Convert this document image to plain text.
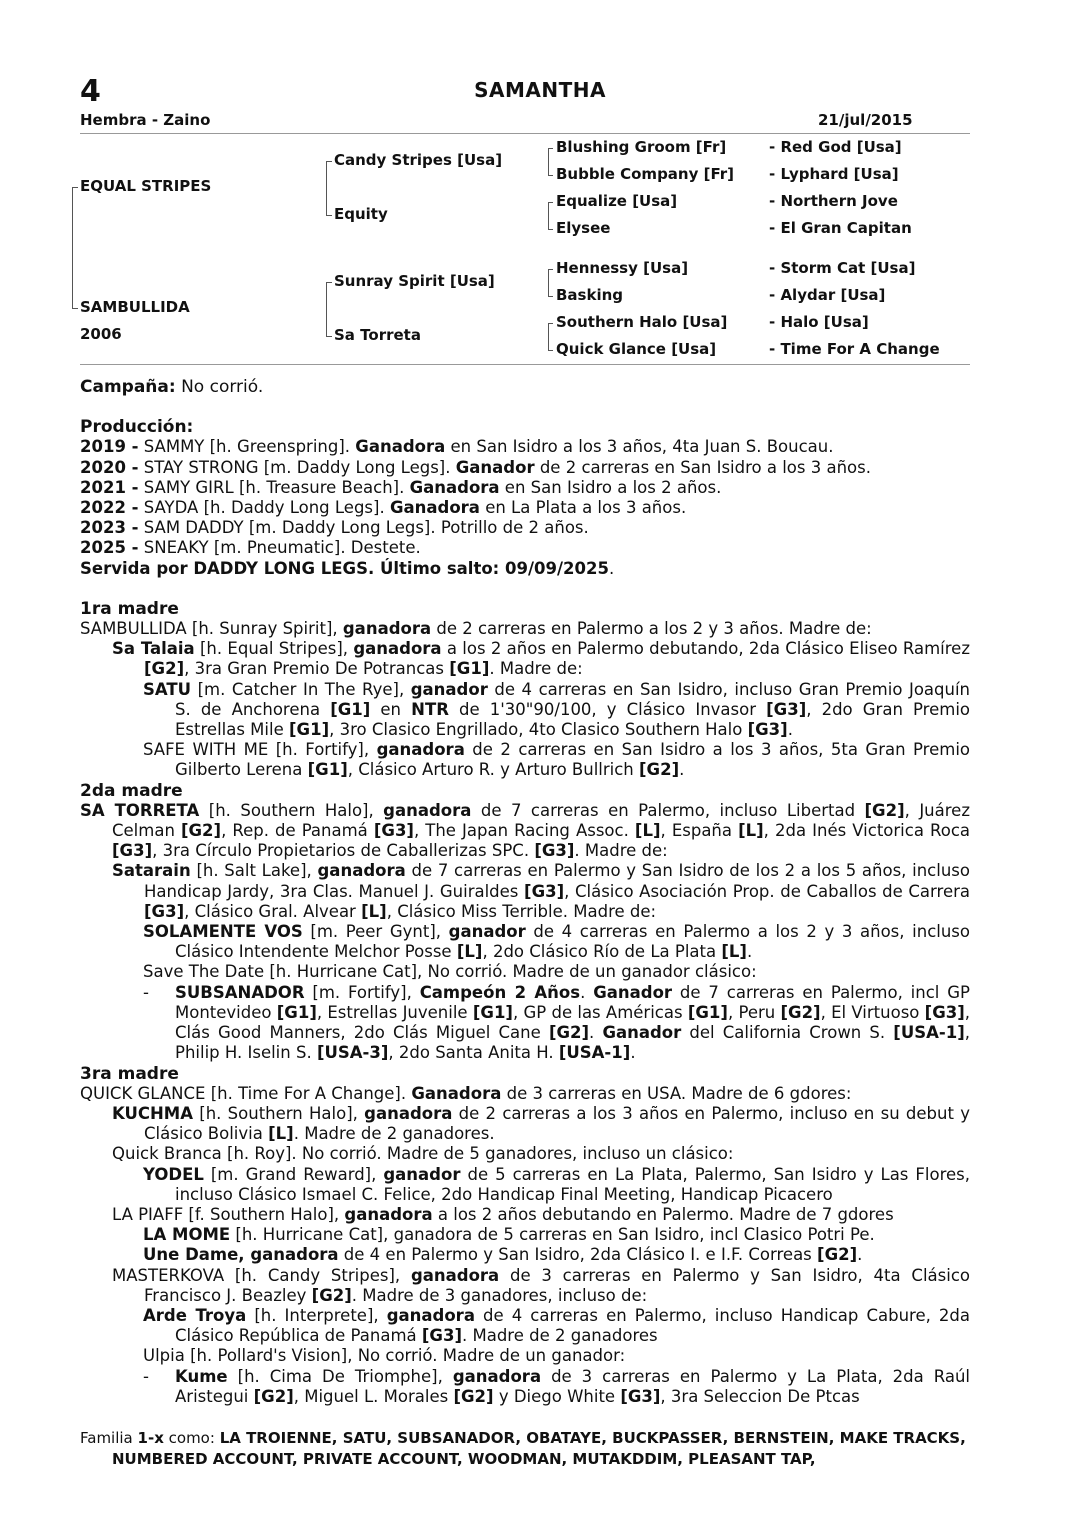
4	SAMANTHA
Hembra - Zaino	21/jul/2015
EQUAL STRIPES
SAMBULLIDA
2006
Candy Stripes [Usa]
Equity
Sunray Spirit [Usa]
Sa Torreta
Blushing Groom [Fr]
Bubble Company [Fr]
Equalize [Usa]
Elysee
Hennessy [Usa]
Basking
Southern Halo [Usa]
Quick Glance [Usa]
- Red God [Usa]
- Lyphard [Usa]
- Northern Jove
- El Gran Capitan
- Storm Cat [Usa]
- Alydar [Usa]
- Halo [Usa]
- Time For A Change

Campaña: No corrió.

Producción:

2019 - SAMMY [h. Greenspring]. Ganadora en San Isidro a los 3 años, 4ta Juan S. Boucau.

2020 - STAY STRONG [m. Daddy Long Legs]. Ganador de 2 carreras en San Isidro a los 3 años.

2021 - SAMY GIRL [h. Treasure Beach]. Ganadora en San Isidro a los 2 años.

2022 - SAYDA [h. Daddy Long Legs]. Ganadora en La Plata a los 3 años.

2023 - SAM DADDY [m. Daddy Long Legs]. Potrillo de 2 años.

2025 - SNEAKY [m. Pneumatic]. Destete.

Servida por DADDY LONG LEGS. Último salto: 09/09/2025.

1ra madre

SAMBULLIDA [h. Sunray Spirit], ganadora de 2 carreras en Palermo a los 2 y 3 años. Madre de:

Sa Talaia [h. Equal Stripes], ganadora a los 2 años en Palermo debutando, 2da Clásico Eliseo Ramírez [G2], 3ra Gran Premio De Potrancas [G1]. Madre de:

SATU [m. Catcher In The Rye], ganador de 4 carreras en San Isidro, incluso Gran Premio Joaquín S. de Anchorena [G1] en NTR de 1'30"90/100, y Clásico Invasor [G3], 2do Gran Premio Estrellas Mile [G1], 3ro Clasico Engrillado, 4to Clasico Southern Halo [G3].

SAFE WITH ME [h. Fortify], ganadora de 2 carreras en San Isidro a los 3 años, 5ta Gran Premio Gilberto Lerena [G1], Clásico Arturo R. y Arturo Bullrich [G2].

2da madre

SA TORRETA [h. Southern Halo], ganadora de 7 carreras en Palermo, incluso Libertad [G2], Juárez Celman [G2], Rep. de Panamá [G3], The Japan Racing Assoc. [L], España [L], 2da Inés Victorica Roca [G3], 3ra Círculo Propietarios de Caballerizas SPC. [G3]. Madre de:

Satarain [h. Salt Lake], ganadora de 7 carreras en Palermo y San Isidro de los 2 a los 5 años, incluso Handicap Jardy, 3ra Clas. Manuel J. Guiraldes [G3], Clásico Asociación Prop. de Caballos de Carrera [G3], Clásico Gral. Alvear [L], Clásico Miss Terrible. Madre de:

SOLAMENTE VOS [m. Peer Gynt], ganador de 4 carreras en Palermo a los 2 y 3 años, incluso Clásico Intendente Melchor Posse [L], 2do Clásico Río de La Plata [L].

Save The Date [h. Hurricane Cat], No corrió. Madre de un ganador clásico:

- SUBSANADOR [m. Fortify], Campeón 2 Años. Ganador de 7 carreras en Palermo, incl GP Montevideo [G1], Estrellas Juvenile [G1], GP de las Américas [G1], Peru [G2], El Virtuoso [G3], Clás Good Manners, 2do Clás Miguel Cane [G2]. Ganador del California Crown S. [USA-1], Philip H. Iselin S. [USA-3], 2do Santa Anita H. [USA-1].

3ra madre

QUICK GLANCE [h. Time For A Change]. Ganadora de 3 carreras en USA. Madre de 6 gdores:

KUCHMA [h. Southern Halo], ganadora de 2 carreras a los 3 años en Palermo, incluso en su debut y Clásico Bolivia [L]. Madre de 2 ganadores.

Quick Branca [h. Roy]. No corrió. Madre de 5 ganadores, incluso un clásico:

YODEL [m. Grand Reward], ganador de 5 carreras en La Plata, Palermo, San Isidro y Las Flores, incluso Clásico Ismael C. Felice, 2do Handicap Final Meeting, Handicap Picacero

LA PIAFF [f. Southern Halo], ganadora a los 2 años debutando en Palermo. Madre de 7 gdores

LA MOME [h. Hurricane Cat], ganadora de 5 carreras en San Isidro, incl Clasico Potri Pe.

Une Dame, ganadora de 4 en Palermo y San Isidro, 2da Clásico I. e I.F. Correas [G2].

MASTERKOVA [h. Candy Stripes], ganadora de 3 carreras en Palermo y San Isidro, 4ta Clásico Francisco J. Beazley [G2]. Madre de 3 ganadores, incluso de:

Arde Troya [h. Interprete], ganadora de 4 carreras en Palermo, incluso Handicap Cabure, 2da Clásico República de Panamá [G3]. Madre de 2 ganadores

Ulpia [h. Pollard's Vision], No corrió. Madre de un ganador:

- Kume [h. Cima De Triomphe], ganadora de 3 carreras en Palermo y La Plata, 2da Raúl Aristegui [G2], Miguel L. Morales [G2] y Diego White [G3], 3ra Seleccion De Ptcas

Familia 1-x como: LA TROIENNE, SATU, SUBSANADOR, OBATAYE, BUCKPASSER, BERNSTEIN, MAKE TRACKS, NUMBERED ACCOUNT, PRIVATE ACCOUNT, WOODMAN, MUTAKDDIM, PLEASANT TAP,
